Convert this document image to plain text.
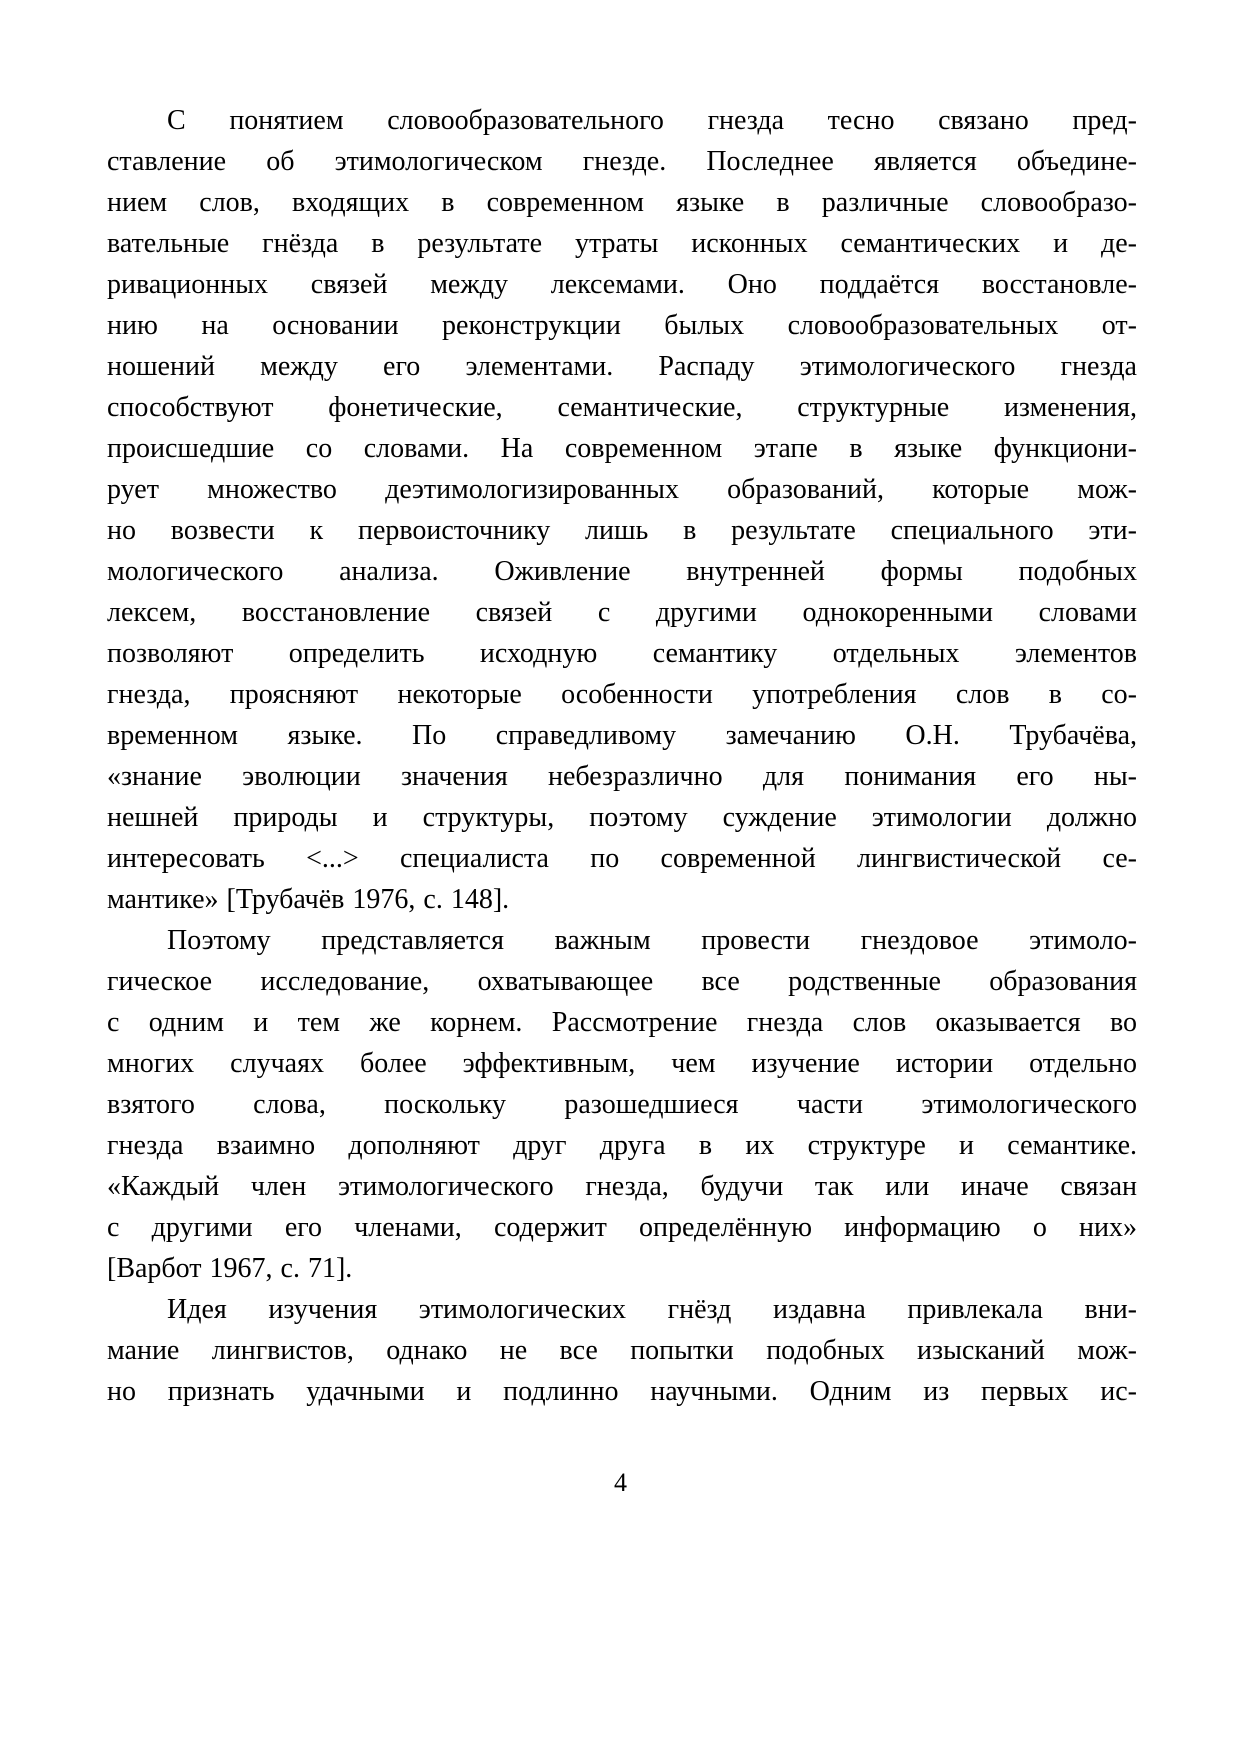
С понятием словообразовательного гнезда тесно связано пред-
ставление об этимологическом гнезде. Последнее является объедине-
нием слов, входящих в современном языке в различные словообразо-
вательные гнёзда в результате утраты исконных семантических и де-
ривационных связей между лексемами. Оно поддаётся восстановле-
нию на основании реконструкции былых словообразовательных от-
ношений между его элементами. Распаду этимологического гнезда
способствуют фонетические, семантические, структурные изменения,
происшедшие со словами. На современном этапе в языке функциони-
рует множество деэтимологизированных образований, которые мож-
но возвести к первоисточнику лишь в результате специального эти-
мологического анализа. Оживление внутренней формы подобных
лексем, восстановление связей с другими однокоренными словами
позволяют определить исходную семантику отдельных элементов
гнезда, проясняют некоторые особенности употребления слов в со-
временном языке. По справедливому замечанию О.Н. Трубачёва,
«знание эволюции значения небезразлично для понимания его ны-
нешней природы и структуры, поэтому суждение этимологии должно
интересовать <...> специалиста по современной лингвистической се-
мантике» [Трубачёв 1976, с. 148].

Поэтому представляется важным провести гнездовое этимоло-
гическое исследование, охватывающее все родственные образования
с одним и тем же корнем. Рассмотрение гнезда слов оказывается во
многих случаях более эффективным, чем изучение истории отдельно
взятого слова, поскольку разошедшиеся части этимологического
гнезда взаимно дополняют друг друга в их структуре и семантике.
«Каждый член этимологического гнезда, будучи так или иначе связан
с другими его членами, содержит определённую информацию о них»
[Варбот 1967, с. 71].

Идея изучения этимологических гнёзд издавна привлекала вни-
мание лингвистов, однако не все попытки подобных изысканий мож-
но признать удачными и подлинно научными. Одним из первых ис-

4
